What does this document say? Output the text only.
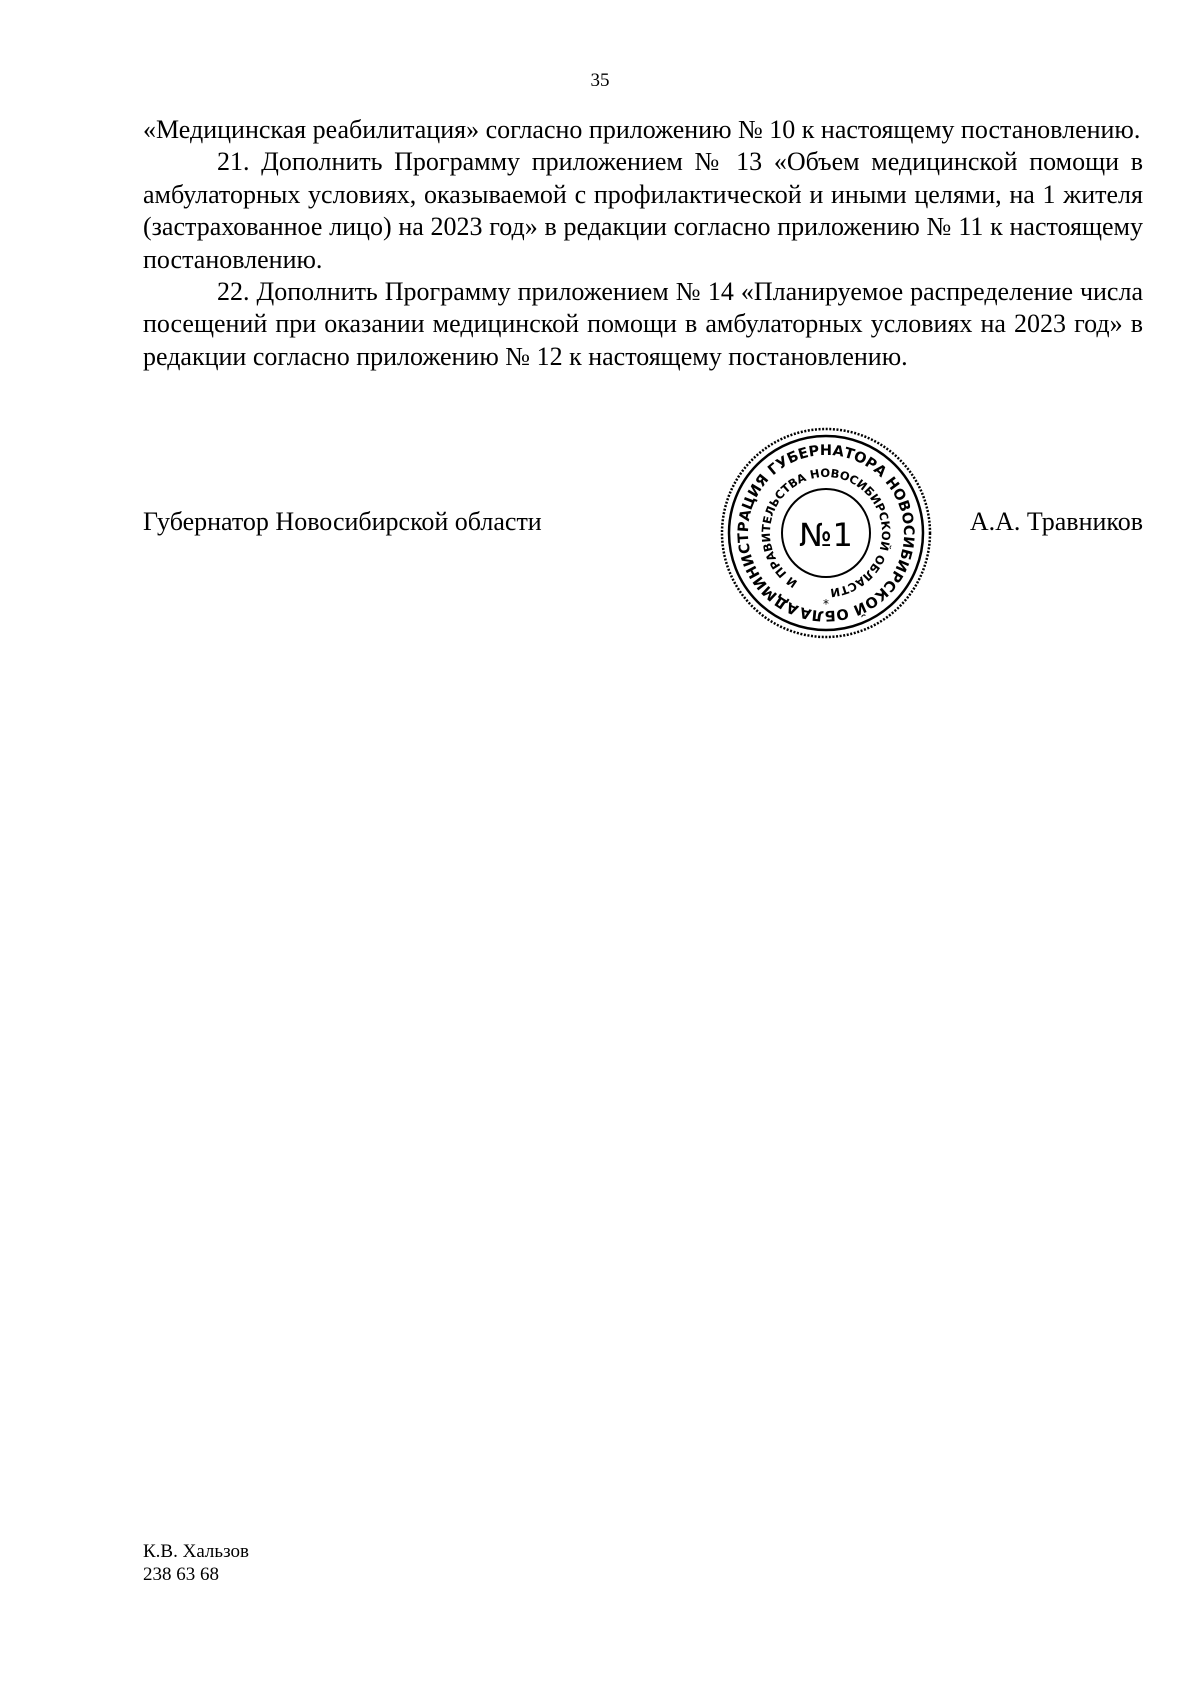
35

«Медицинская реабилитация» согласно приложению № 10 к настоящему постановлению.

21. Дополнить Программу приложением № 13 «Объем медицинской помощи в амбулаторных условиях, оказываемой с профилактической и иными целями, на 1 жителя (застрахованное лицо) на 2023 год» в редакции согласно приложению № 11 к настоящему постановлению.

22. Дополнить Программу приложением № 14 «Планируемое распределение числа посещений при оказании медицинской помощи в амбулаторных условиях на 2023 год» в редакции согласно приложению № 12 к настоящему постановлению.

Губернатор Новосибирской области
АДМИНИСТРАЦИЯ ГУБЕРНАТОРА НОВОСИБИРСКОЙ ОБЛАСТИ
И ПРАВИТЕЛЬСТВА НОВОСИБИРСКОЙ ОБЛАСТИ
№1
*
А.А. Травников
К.В. Хальзов
238 63 68
